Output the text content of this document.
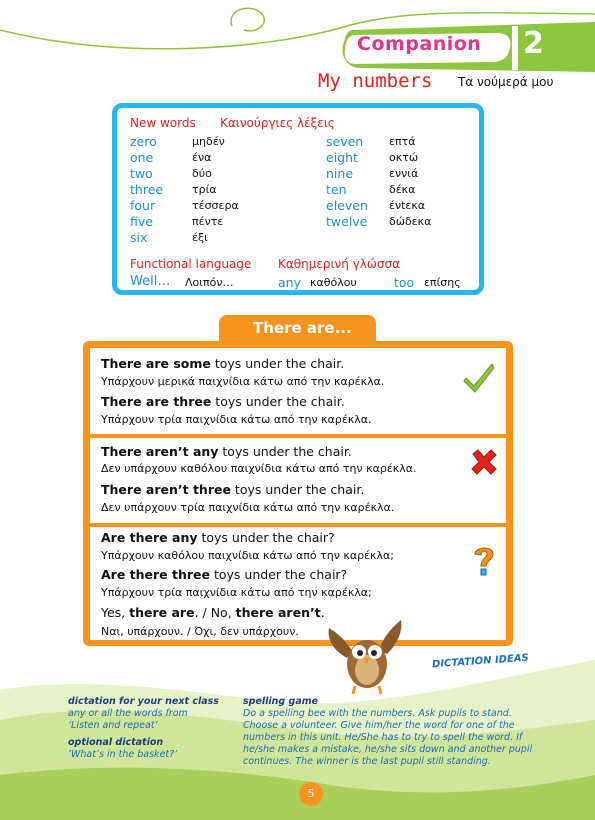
Companion 2
My numbers Τα νούμερά μου
New words Καινούργιες λέξεις
zero	μηδέν
one	ένα
two	δύο
three	τρία
four	τέσσερα
five	πέντε
six	έξι
seven επτά
eight	οκτώ
nine	εννιά
ten	δέκα
eleven ένtεκα
twelve δώδεκα
Functional language Καθημερινή γλώσσα
Well… Λοιπόν…	any καθόλου	too επίσης
There are...
There are some toys under the chair.
Υπάρχουν μερικά παιχνίδια κάτω από την καρέκλα.
There are three toys under the chair.
Υπάρχουν τρία παιχνίδια κάτω από την καρέκλα.
There aren’t any toys under the chair.
Δεν υπάρχουν καθόλου παιχνίδια κάτω από την καρέκλα.
There aren’t three toys under the chair.
Δεν υπάρχουν τρία παιχνίδια κάτω από την καρέκλα.
Are there any toys under the chair?
Υπάρχουν καθόλου παιχνίδια κάτω από την καρέκλα;
Are there three toys under the chair?
Υπάρχουν τρία παιχνίδια κάτω από την καρέκλα;
Yes, there are. / No, there aren’t.
Ναι, υπάρχουν. / Όχι, δεν υπάρχουν.
DICTATION IDEAS
dictation for your next class
any or all the words from
‘Listen and repeat’
optional dictation
‘What’s in the basket?’
spelling game
Do a spelling bee with the numbers. Ask pupils to stand.
Choose a volunteer. Give him/her the word for one of the
numbers in this unit. He/She has to try to spell the word. If
he/she makes a mistake, he/she sits down and another pupil
continues. The winner is the last pupil still standing.
5
